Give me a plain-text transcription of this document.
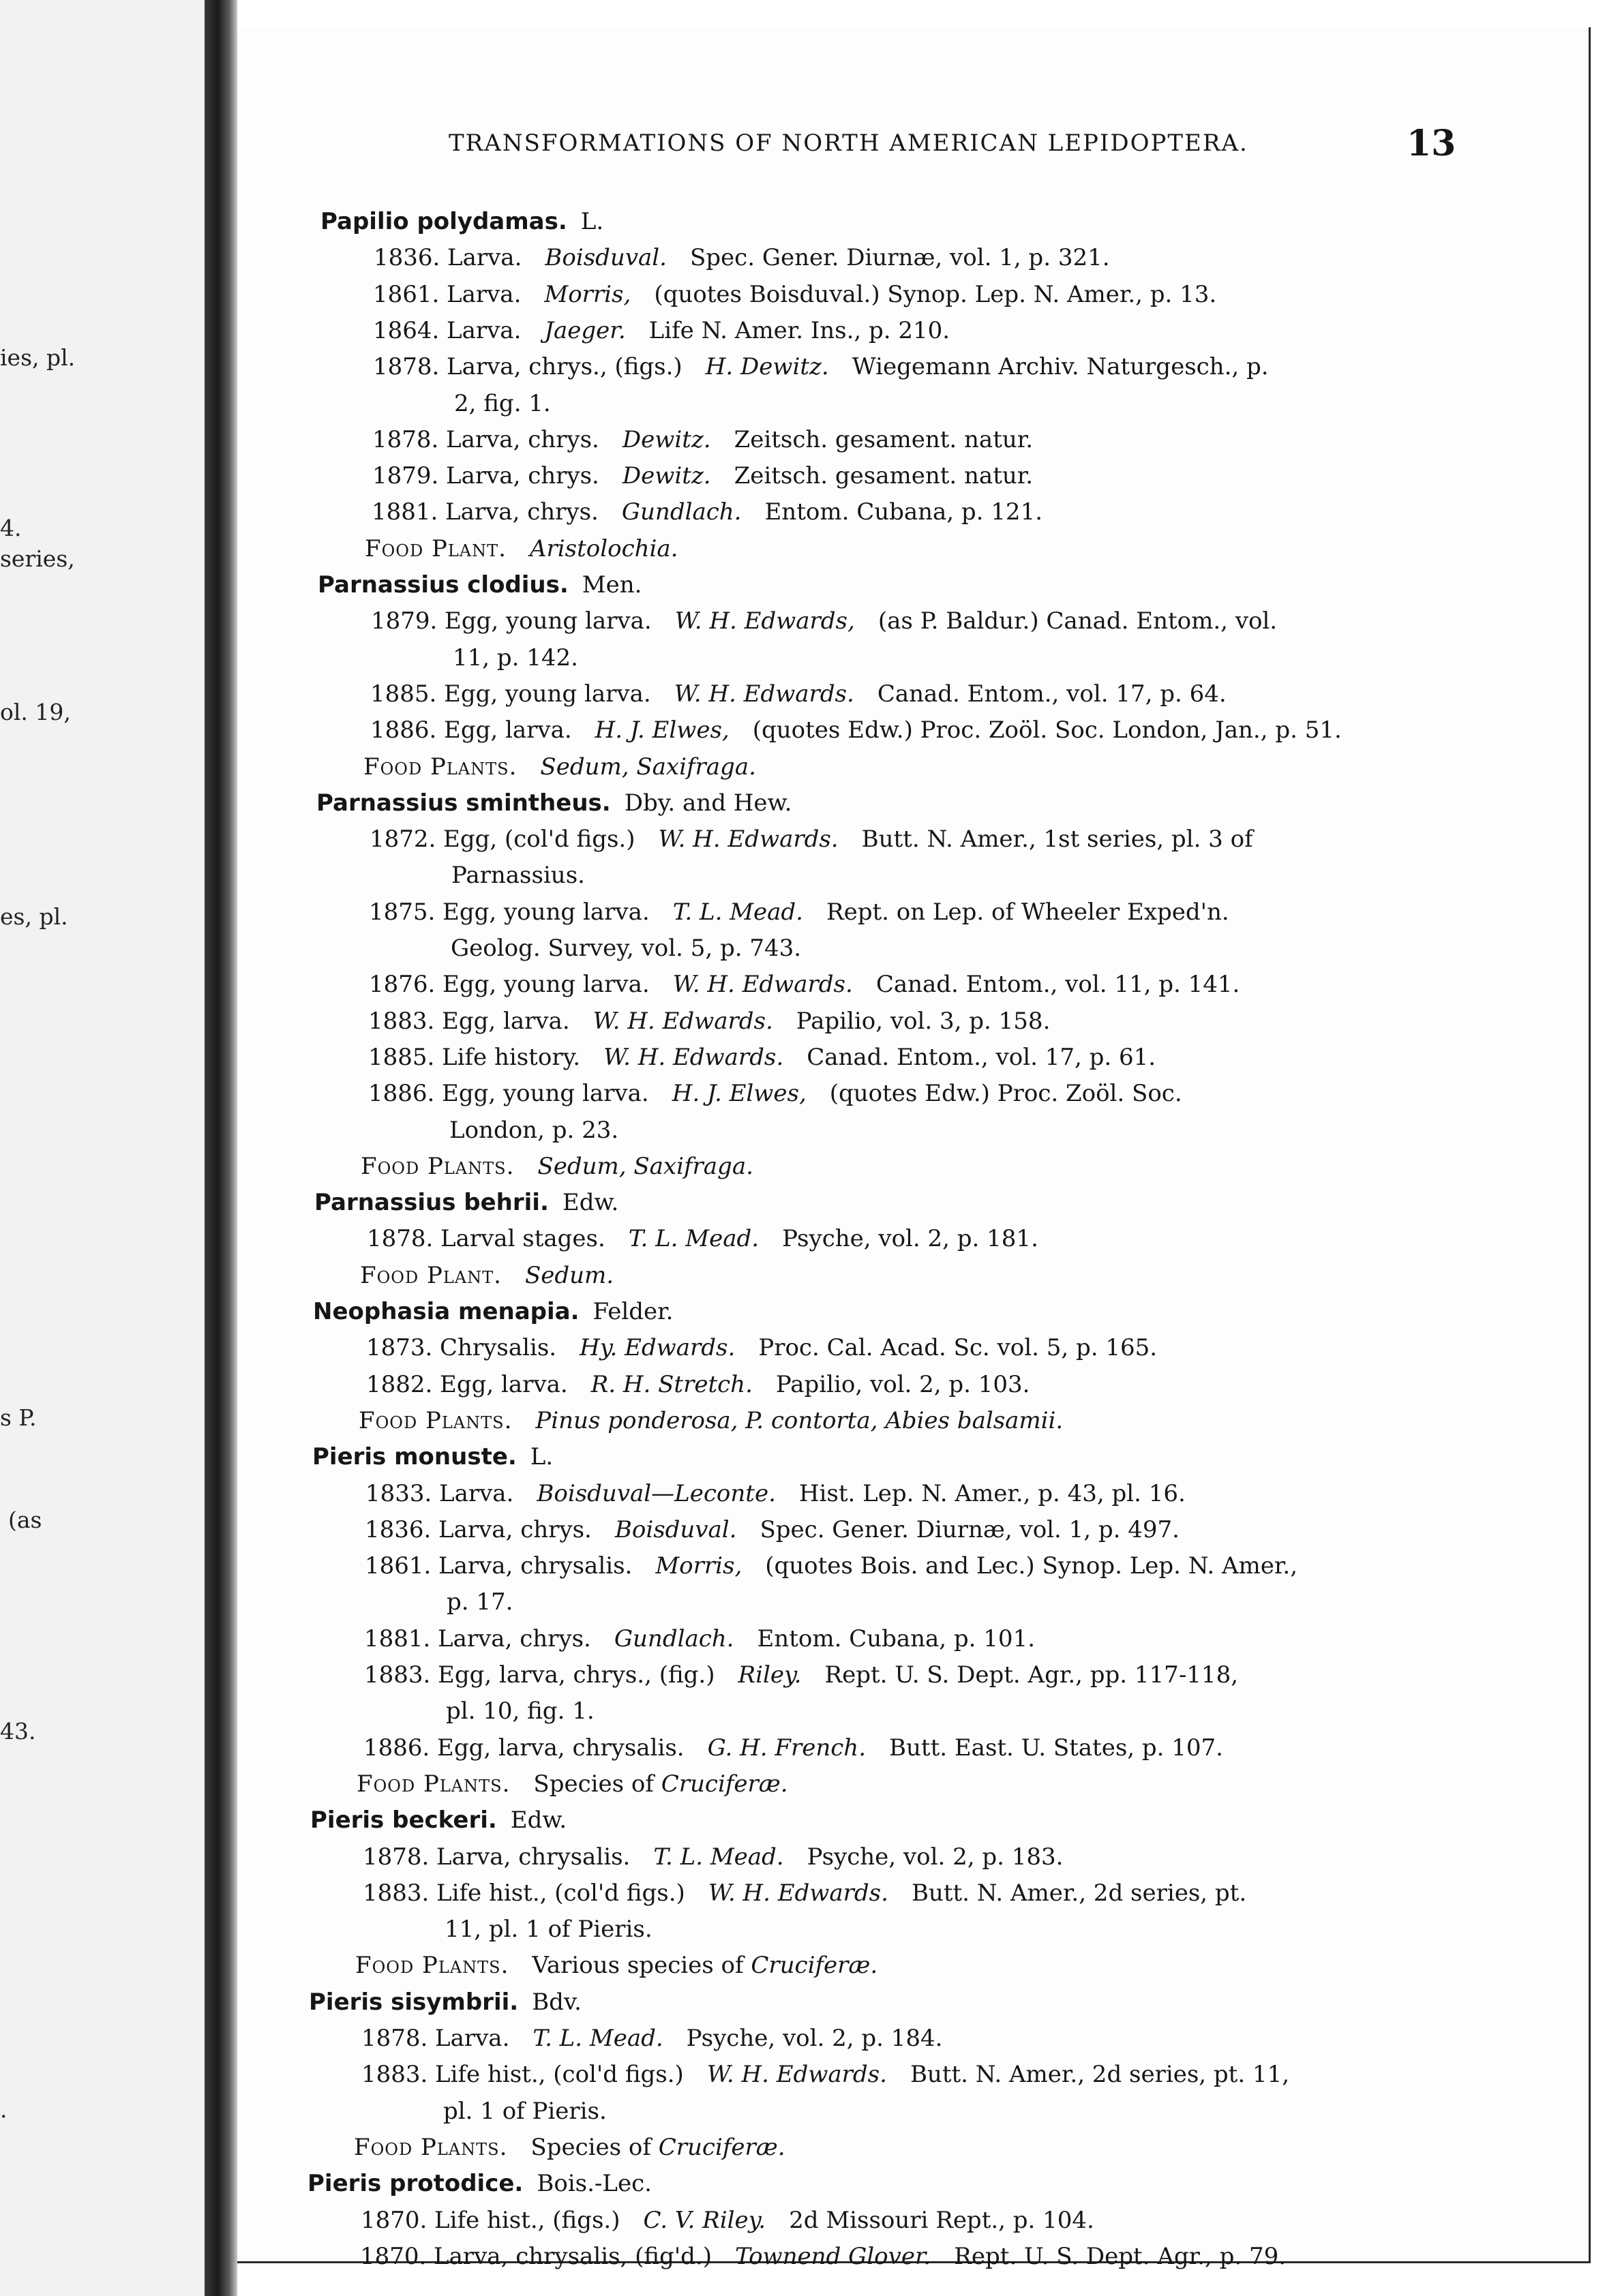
ies, pl.
4.
series,
ol. 19,
es, pl.
s P.
(as
43.
.
TRANSFORMATIONS OF NORTH AMERICAN LEPIDOPTERA.	13
Papilio polydamas. L.
1836. Larva.  Boisduval.  Spec. Gener. Diurnæ, vol. 1, p. 321.
1861. Larva.  Morris,  (quotes Boisduval.) Synop. Lep. N. Amer., p. 13.
1864. Larva.  Jaeger.  Life N. Amer. Ins., p. 210.
1878. Larva, chrys., (figs.)  H. Dewitz.  Wiegemann Archiv. Naturgesch., p.
2, fig. 1.
1878. Larva, chrys.  Dewitz.  Zeitsch. gesament. natur.
1879. Larva, chrys.  Dewitz.  Zeitsch. gesament. natur.
1881. Larva, chrys.  Gundlach.  Entom. Cubana, p. 121.
Food Plant.  Aristolochia.
Parnassius clodius. Men.
1879. Egg, young larva.  W. H. Edwards,  (as P. Baldur.) Canad. Entom., vol.
11, p. 142.
1885. Egg, young larva.  W. H. Edwards.  Canad. Entom., vol. 17, p. 64.
1886. Egg, larva.  H. J. Elwes,  (quotes Edw.) Proc. Zoöl. Soc. London, Jan., p. 51.
Food Plants.  Sedum, Saxifraga.
Parnassius smintheus. Dby. and Hew.
1872. Egg, (col'd figs.)  W. H. Edwards.  Butt. N. Amer., 1st series, pl. 3 of
Parnassius.
1875. Egg, young larva.  T. L. Mead.  Rept. on Lep. of Wheeler Exped'n.
Geolog. Survey, vol. 5, p. 743.
1876. Egg, young larva.  W. H. Edwards.  Canad. Entom., vol. 11, p. 141.
1883. Egg, larva.  W. H. Edwards.  Papilio, vol. 3, p. 158.
1885. Life history.  W. H. Edwards.  Canad. Entom., vol. 17, p. 61.
1886. Egg, young larva.  H. J. Elwes,  (quotes Edw.) Proc. Zoöl. Soc.
London, p. 23.
Food Plants.  Sedum, Saxifraga.
Parnassius behrii. Edw.
1878. Larval stages.  T. L. Mead.  Psyche, vol. 2, p. 181.
Food Plant.  Sedum.
Neophasia menapia. Felder.
1873. Chrysalis.  Hy. Edwards.  Proc. Cal. Acad. Sc. vol. 5, p. 165.
1882. Egg, larva.  R. H. Stretch.  Papilio, vol. 2, p. 103.
Food Plants.  Pinus ponderosa, P. contorta, Abies balsamii.
Pieris monuste. L.
1833. Larva.  Boisduval—Leconte.  Hist. Lep. N. Amer., p. 43, pl. 16.
1836. Larva, chrys.  Boisduval.  Spec. Gener. Diurnæ, vol. 1, p. 497.
1861. Larva, chrysalis.  Morris,  (quotes Bois. and Lec.) Synop. Lep. N. Amer.,
p. 17.
1881. Larva, chrys.  Gundlach.  Entom. Cubana, p. 101.
1883. Egg, larva, chrys., (fig.)  Riley.  Rept. U. S. Dept. Agr., pp. 117-118,
pl. 10, fig. 1.
1886. Egg, larva, chrysalis.  G. H. French.  Butt. East. U. States, p. 107.
Food Plants.  Species of Cruciferæ.
Pieris beckeri. Edw.
1878. Larva, chrysalis.  T. L. Mead.  Psyche, vol. 2, p. 183.
1883. Life hist., (col'd figs.)  W. H. Edwards.  Butt. N. Amer., 2d series, pt.
11, pl. 1 of Pieris.
Food Plants.  Various species of Cruciferæ.
Pieris sisymbrii. Bdv.
1878. Larva.  T. L. Mead.  Psyche, vol. 2, p. 184.
1883. Life hist., (col'd figs.)  W. H. Edwards.  Butt. N. Amer., 2d series, pt. 11,
pl. 1 of Pieris.
Food Plants.  Species of Cruciferæ.
Pieris protodice. Bois.-Lec.
1870. Life hist., (figs.)  C. V. Riley.  2d Missouri Rept., p. 104.
1870. Larva, chrysalis, (fig'd.)  Townend Glover.  Rept. U. S. Dept. Agr., p. 79.
